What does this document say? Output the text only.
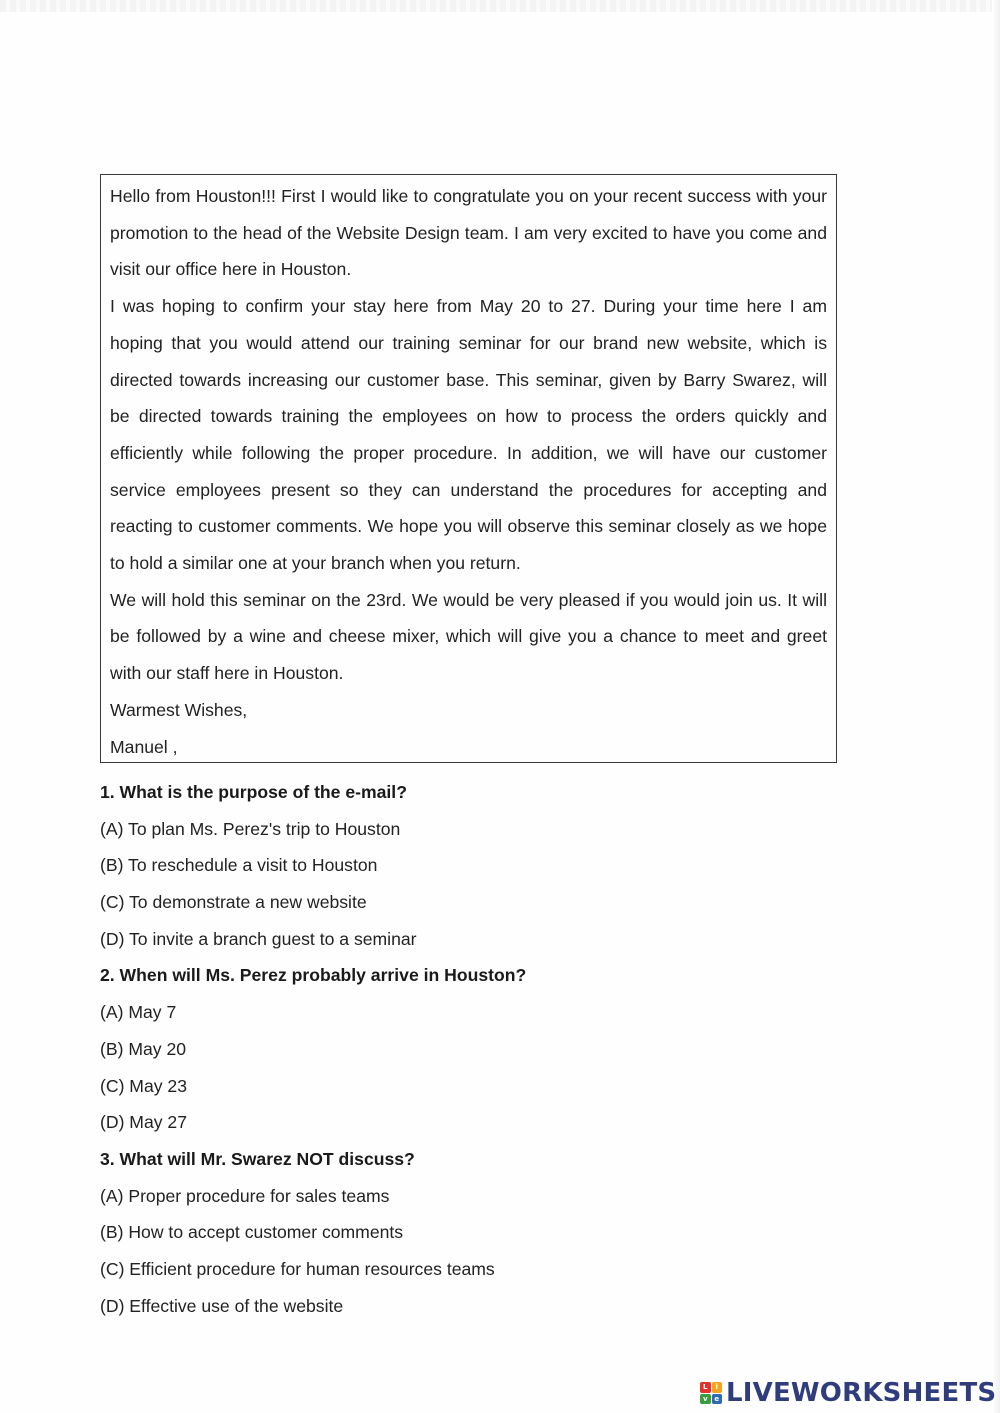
Hello from Houston!!! First I would like to congratulate you on your recent success with your promotion to the head of the Website Design team. I am very excited to have you come and visit our office here in Houston.

I was hoping to confirm your stay here from May 20 to 27. During your time here I am hoping that you would attend our training seminar for our brand new website, which is directed towards increasing our customer base. This seminar, given by Barry Swarez, will be directed towards training the employees on how to process the orders quickly and efficiently while following the proper procedure. In addition, we will have our customer service employees present so they can understand the procedures for accepting and reacting to customer comments. We hope you will observe this seminar closely as we hope to hold a similar one at your branch when you return.

We will hold this seminar on the 23rd. We would be very pleased if you would join us. It will be followed by a wine and cheese mixer, which will give you a chance to meet and greet with our staff here in Houston.

Warmest Wishes,

Manuel ,

1. What is the purpose of the e-mail?
(A) To plan Ms. Perez's trip to Houston
(B) To reschedule a visit to Houston
(C) To demonstrate a new website
(D) To invite a branch guest to a seminar
2. When will Ms. Perez probably arrive in Houston?
(A) May 7
(B) May 20
(C) May 23
(D) May 27
3. What will Mr. Swarez NOT discuss?
(A) Proper procedure for sales teams
(B) How to accept customer comments
(C) Efficient procedure for human resources teams
(D) Effective use of the website
L	i
v e LIVEWORKSHEETS
